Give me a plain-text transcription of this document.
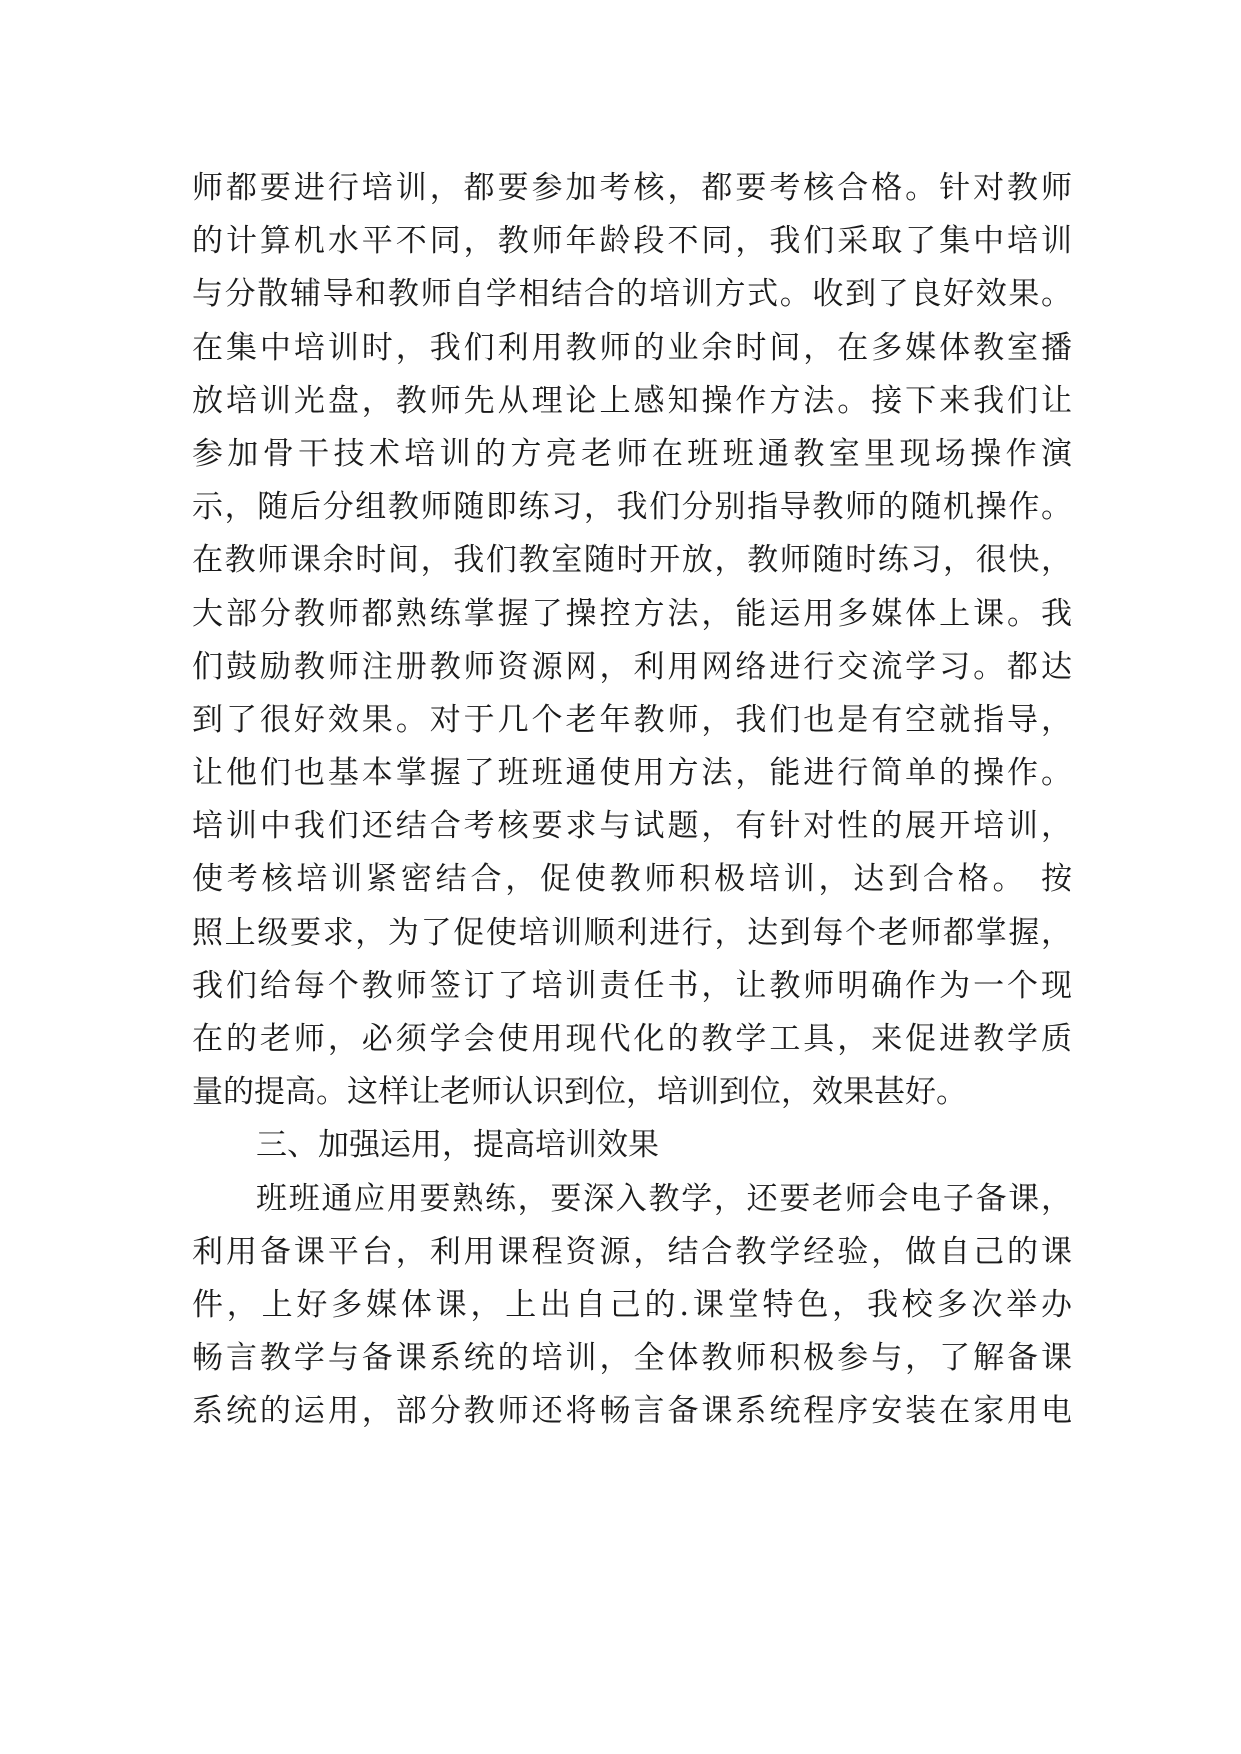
师都要进行培训，都要参加考核，都要考核合格。针对教师
的计算机水平不同，教师年龄段不同，我们采取了集中培训
与分散辅导和教师自学相结合的培训方式。收到了良好效果。
在集中培训时，我们利用教师的业余时间，在多媒体教室播
放培训光盘，教师先从理论上感知操作方法。接下来我们让
参加骨干技术培训的方亮老师在班班通教室里现场操作演
示，随后分组教师随即练习，我们分别指导教师的随机操作。
在教师课余时间，我们教室随时开放，教师随时练习，很快，
大部分教师都熟练掌握了操控方法，能运用多媒体上课。我
们鼓励教师注册教师资源网，利用网络进行交流学习。都达
到了很好效果。对于几个老年教师，我们也是有空就指导，
让他们也基本掌握了班班通使用方法，能进行简单的操作。
培训中我们还结合考核要求与试题，有针对性的展开培训，
使考核培训紧密结合，促使教师积极培训，达到合格。 按
照上级要求，为了促使培训顺利进行，达到每个老师都掌握，
我们给每个教师签订了培训责任书，让教师明确作为一个现
在的老师，必须学会使用现代化的教学工具，来促进教学质
量的提高。这样让老师认识到位，培训到位，效果甚好。
三、加强运用，提高培训效果
班班通应用要熟练，要深入教学，还要老师会电子备课，
利用备课平台，利用课程资源，结合教学经验，做自己的课
件，上好多媒体课，上出自己的.课堂特色，我校多次举办
畅言教学与备课系统的培训，全体教师积极参与，了解备课
系统的运用，部分教师还将畅言备课系统程序安装在家用电
